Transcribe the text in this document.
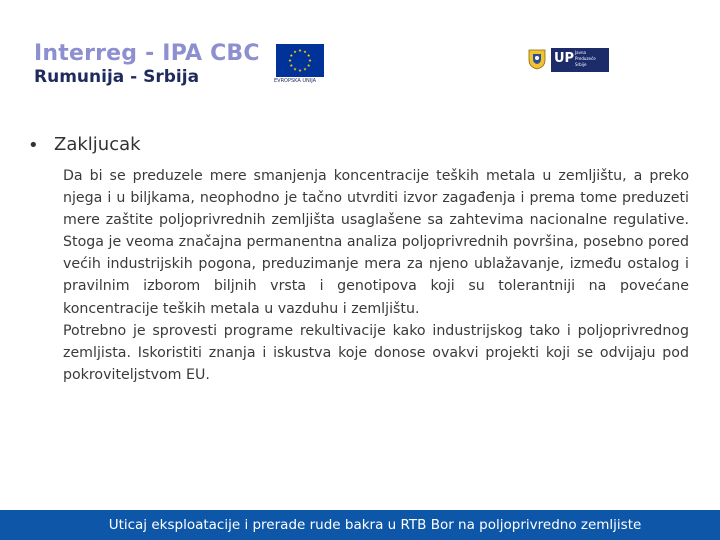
Interreg - IPA CBC
Rumunija - Srbija	EVROPSKA UNIJA
UP Javna Preduzeće Srbije
• Zakljucak

Da bi se preduzele mere smanjenja koncentracije teških metala u zemljištu, a preko njega i u biljkama, neophodno je tačno utvrditi izvor zagađenja i prema tome preduzeti mere zaštite poljoprivrednih zemljišta usaglašene sa zahtevima nacionalne regulative. Stoga je veoma značajna permanentna analiza poljoprivrednih površina, posebno pored većih industrijskih pogona, preduzimanje mera za njeno ublažavanje, između ostalog i pravilnim izborom biljnih vrsta i genotipova koji su tolerantniji na povećane koncentracije teških metala u vazduhu i zemljištu.

Potrebno je sprovesti programe rekultivacije kako industrijskog tako i poljoprivrednog zemljista. Iskoristiti znanja i iskustva koje donose ovakvi projekti koji se odvijaju pod pokroviteljstvom EU.

Uticaj eksploatacije i prerade rude bakra u RTB Bor na poljoprivredno zemljiste
